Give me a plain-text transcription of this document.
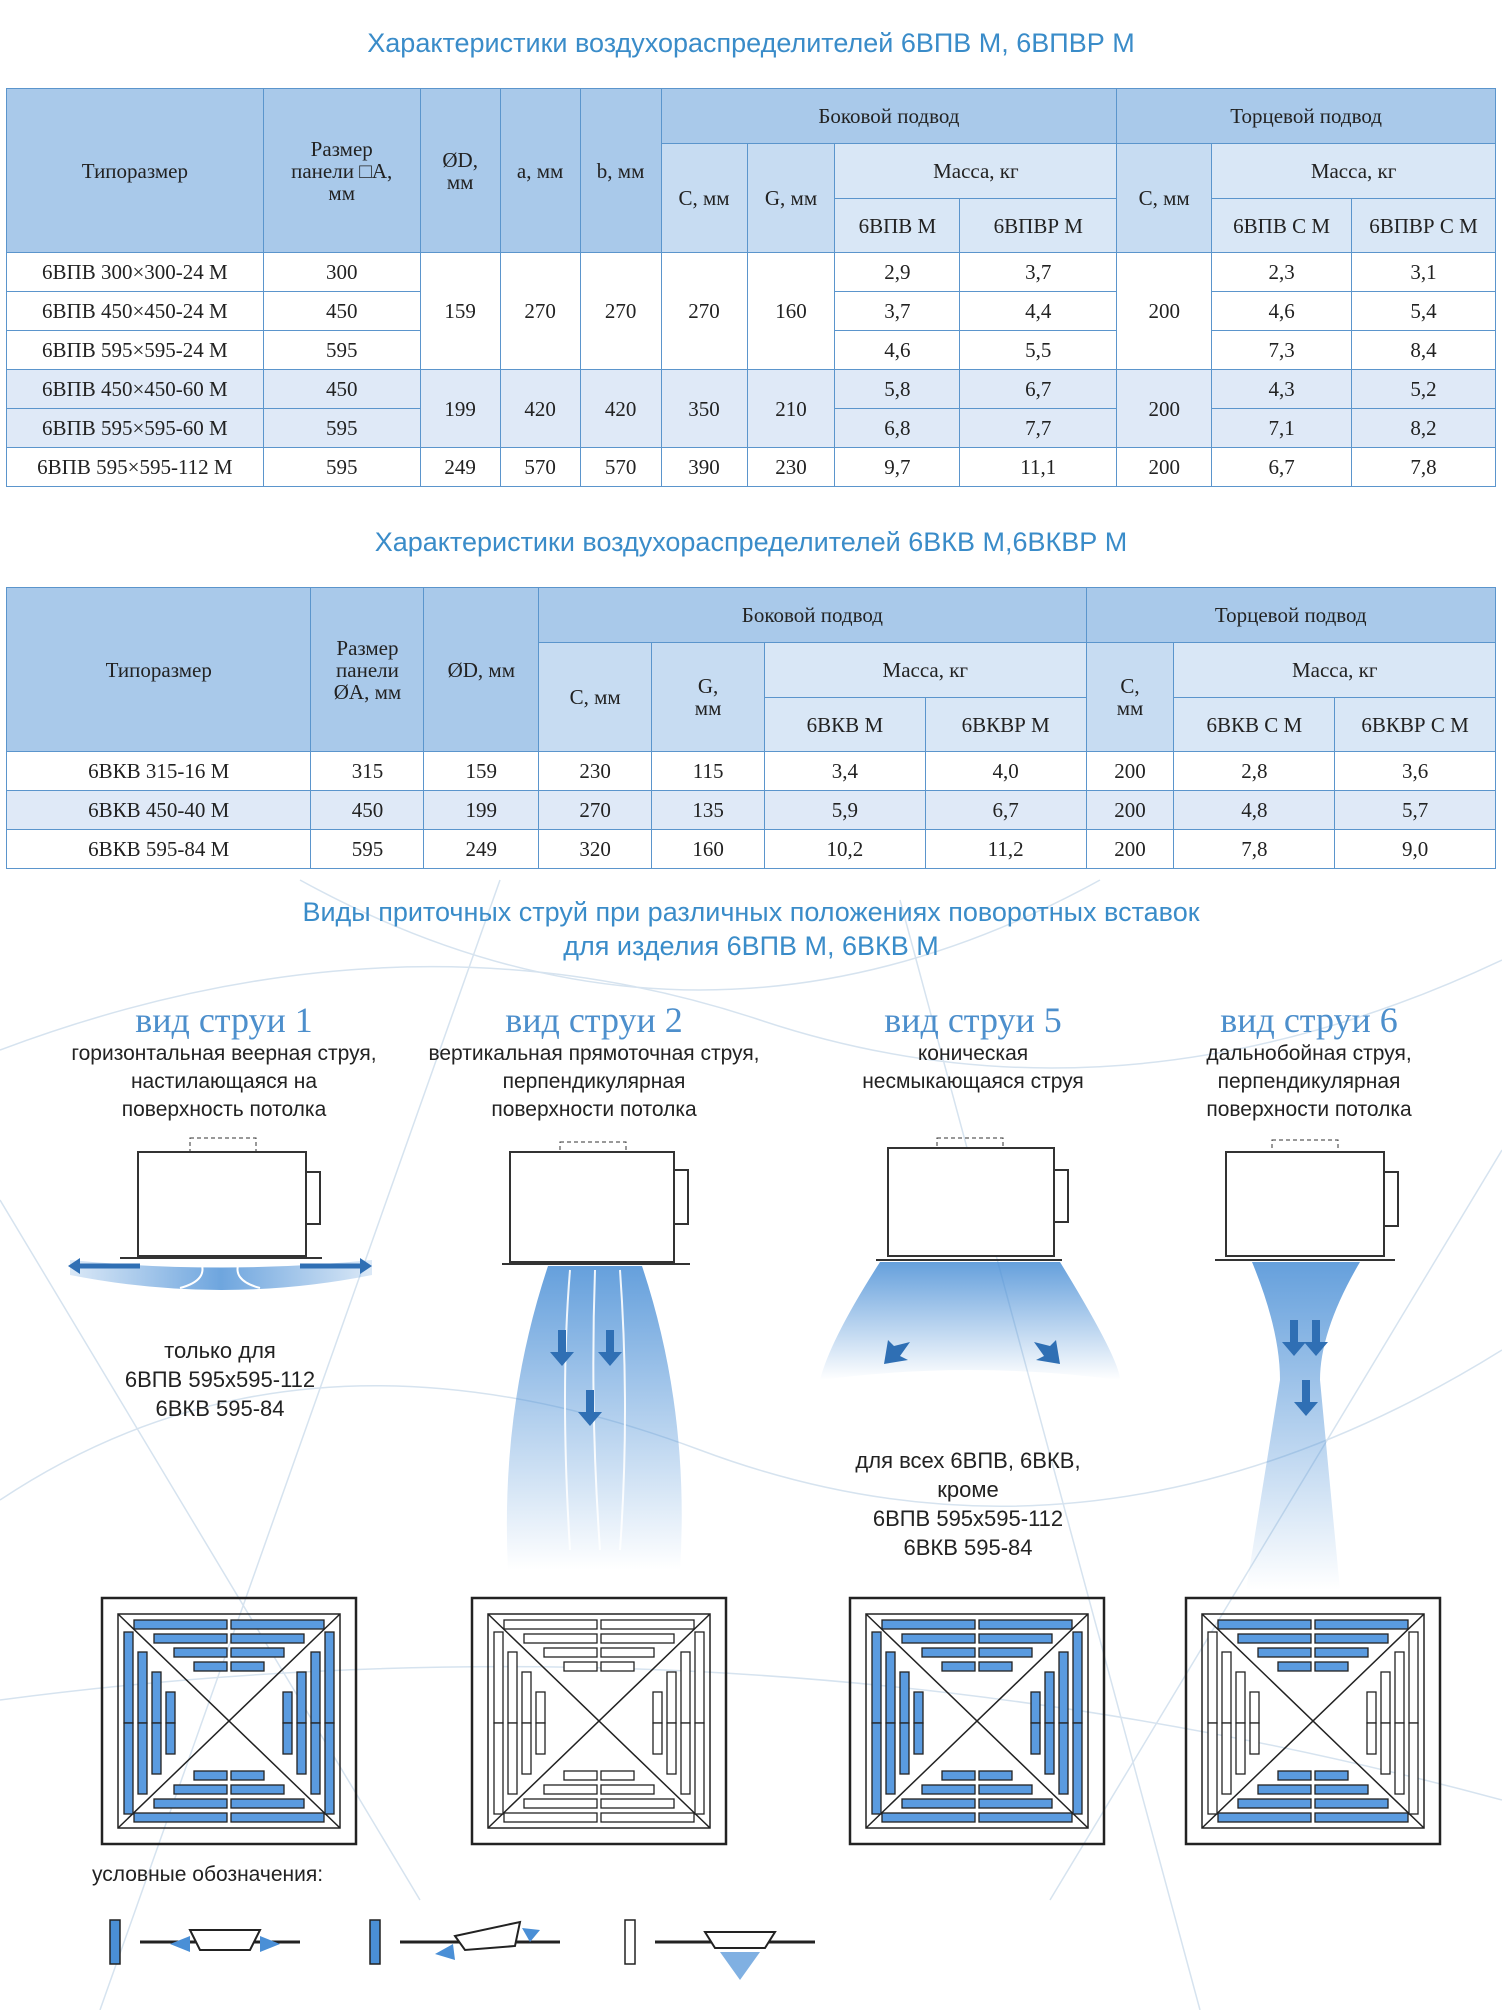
Характеристики воздухораспределителей 6ВПВ М, 6ВПВР М
Типоразмер	Размер панели □A, мм	ØD, мм	a, мм	b, мм	Боковой подвод				Торцевой подвод		
					C, мм	G, мм	Масса, кг		C, мм	Масса, кг	
							6ВПВ М	6ВПВР М		6ВПВ С М	6ВПВР С М
6ВПВ 300×300-24 М	300	159	270	270	270	160	2,9	3,7	200	2,3	3,1
6ВПВ 450×450-24 М	450						3,7	4,4		4,6	5,4
6ВПВ 595×595-24 М	595						4,6	5,5		7,3	8,4
6ВПВ 450×450-60 М	450	199	420	420	350	210	5,8	6,7	200	4,3	5,2
6ВПВ 595×595-60 М	595						6,8	7,7		7,1	8,2
6ВПВ 595×595-112 М	595	249	570	570	390	230	9,7	11,1	200	6,7	7,8
Характеристики воздухораспределителей 6ВКВ М,6ВКВР М
Типоразмер	Размер панели ØA, мм	ØD, мм	Боковой подвод				Торцевой подвод		
			C, мм	G, мм	Масса, кг		C, мм	Масса, кг	
					6ВКВ М	6ВКВР М		6ВКВ С М	6ВКВР С М
6ВКВ 315-16 М	315	159	230	115	3,4	4,0	200	2,8	3,6
6ВКВ 450-40 М	450	199	270	135	5,9	6,7	200	4,8	5,7
6ВКВ 595-84 М	595	249	320	160	10,2	11,2	200	7,8	9,0
Виды приточных струй при различных положениях поворотных вставок
для изделия 6ВПВ М, 6ВКВ М
вид струи 1
горизонтальная веерная струя,
настилающаяся на
поверхность потолка
вид струи 2
вертикальная прямоточная струя,
перпендикулярная
поверхности потолка
вид струи 5
коническая
несмыкающаяся струя
вид струи 6
дальнобойная струя,
перпендикулярная
поверхности потолка
только для
6ВПВ 595х595-112
6ВКВ 595-84
для всех 6ВПВ, 6ВКВ,
кроме
6ВПВ 595х595-112
6ВКВ 595-84
условные обозначения:
